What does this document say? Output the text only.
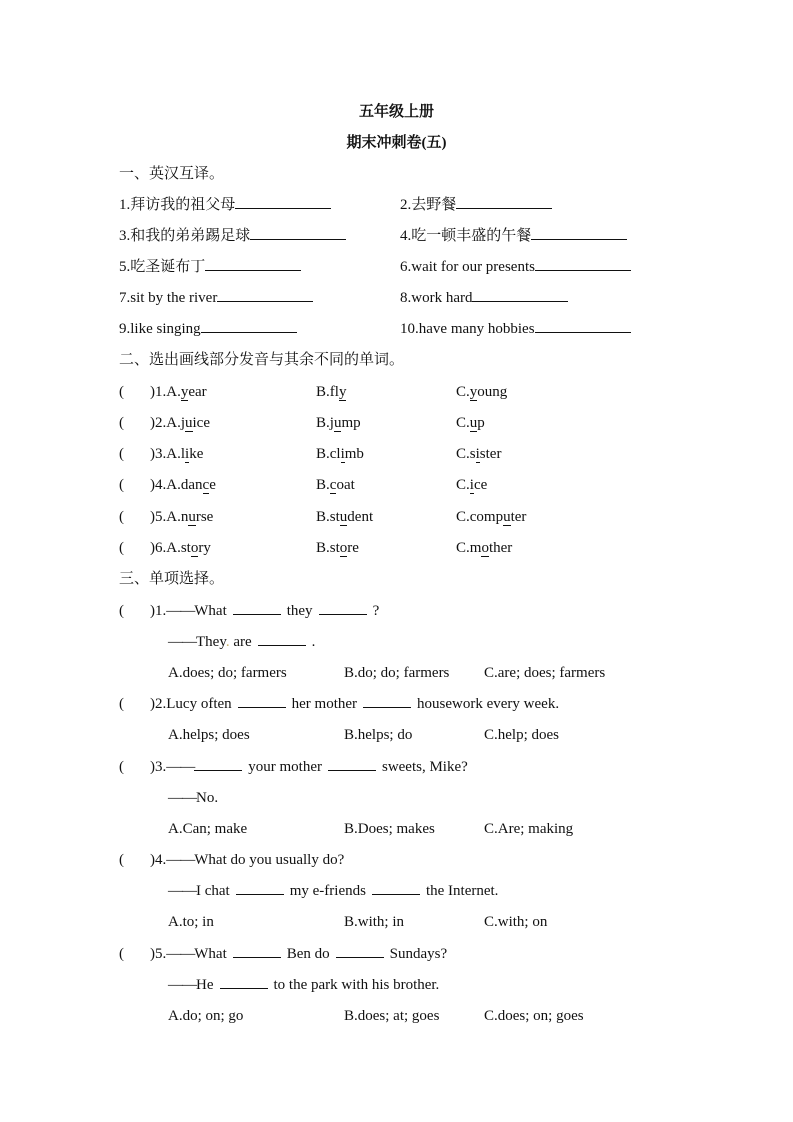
五年级上册
期末冲刺卷(五)
一、英汉互译。
1.拜访我的祖父母	2.去野餐
3.和我的弟弟踢足球	4.吃一顿丰盛的午餐
5.吃圣诞布丁	6.wait for our presents
7.sit by the river	8.work hard
9.like singing	10.have many hobbies
二、选出画线部分发音与其余不同的单词。
( )1.A.year	B.fly	C.young
( )2.A.juice	B.jump	C.up
( )3.A.like	B.climb	C.sister
( )4.A.dance	B.coat	C.ice
( )5.A.nurse	B.student	C.computer
( )6.A.story	B.store	C.mother
三、单项选择。
( )1.——What	they	?
——They. are	.
A.does; do; farmers	B.do; do; farmers C.are; does; farmers
( )2.Lucy often	her mother	housework every week.
A.helps; does	B.helps; do	C.help; does
( )3.——	your mother	sweets, Mike?
——No.
A.Can; make	B.Does; makes	C.Are; making
( )4.——What do you usually do?
——I chat	my e-friends	the Internet.
A.to; in	B.with; in	C.with; on
( )5.——What	Ben do	Sundays?
——He	to the park with his brother.
A.do; on; go	B.does; at; goes	C.does; on; goes
